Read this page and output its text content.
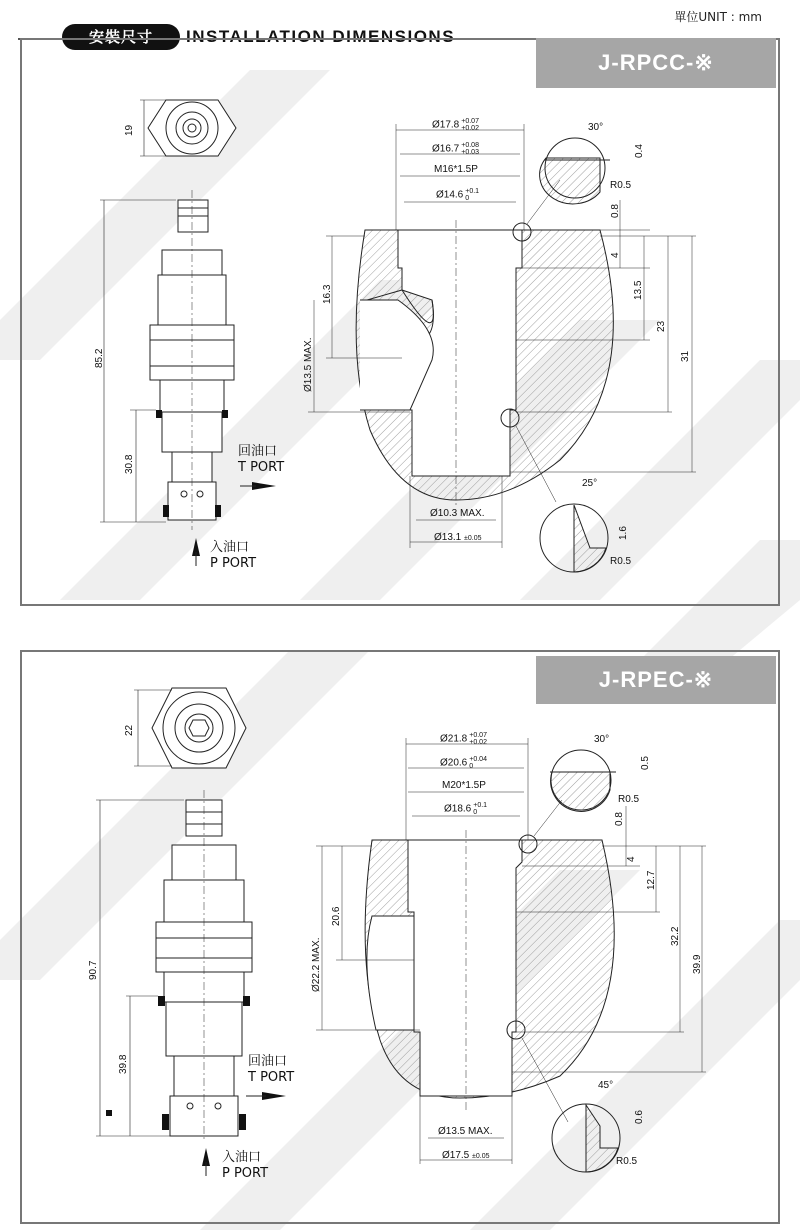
安裝尺寸	INSTALLATION DIMENSIONS
單位UNIT : mm
J-RPCC-※
19
85.2
30.8
回油口
T PORT
入油口
P PORT
Ø17.8 +0.07
+0.02
Ø16.7 +0.08
+0.03
M16*1.5P
Ø14.6 +0.1
0
Ø13.5 MAX.
16.3
Ø10.3 MAX.
Ø13.1 ±0.05
0.8
4
13.5
23
31
30°
0.4
R0.5
25°
1.6
R0.5
J-RPEC-※
22
90.7
39.8	回油口
T PORT
入油口
P PORT
Ø21.8 +0.07
+0.02
Ø20.6 +0.04
0
M20*1.5P
Ø18.6 +0.1
0
Ø22.2 MAX.
20.6
Ø13.5 MAX.
Ø17.5 ±0.05
0.8
4
12.7
32.2
39.9
30°
0.5
R0.5
45°
0.6
R0.5
